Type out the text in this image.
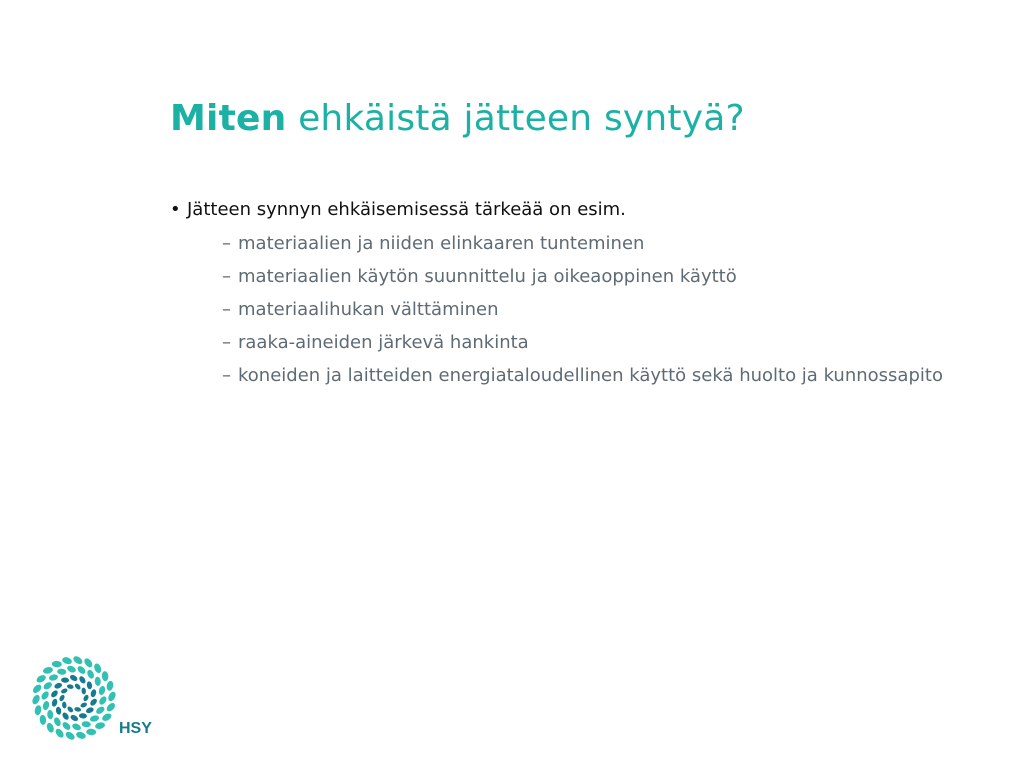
Miten ehkäistä jätteen syntyä?
• Jätteen synnyn ehkäisemisessä tärkeää on esim.
– materiaalien ja niiden elinkaaren tunteminen
– materiaalien käytön suunnittelu ja oikeaoppinen käyttö
– materiaalihukan välttäminen
– raaka-aineiden järkevä hankinta
– koneiden ja laitteiden energiataloudellinen käyttö sekä huolto ja kunnossapito
HSY
